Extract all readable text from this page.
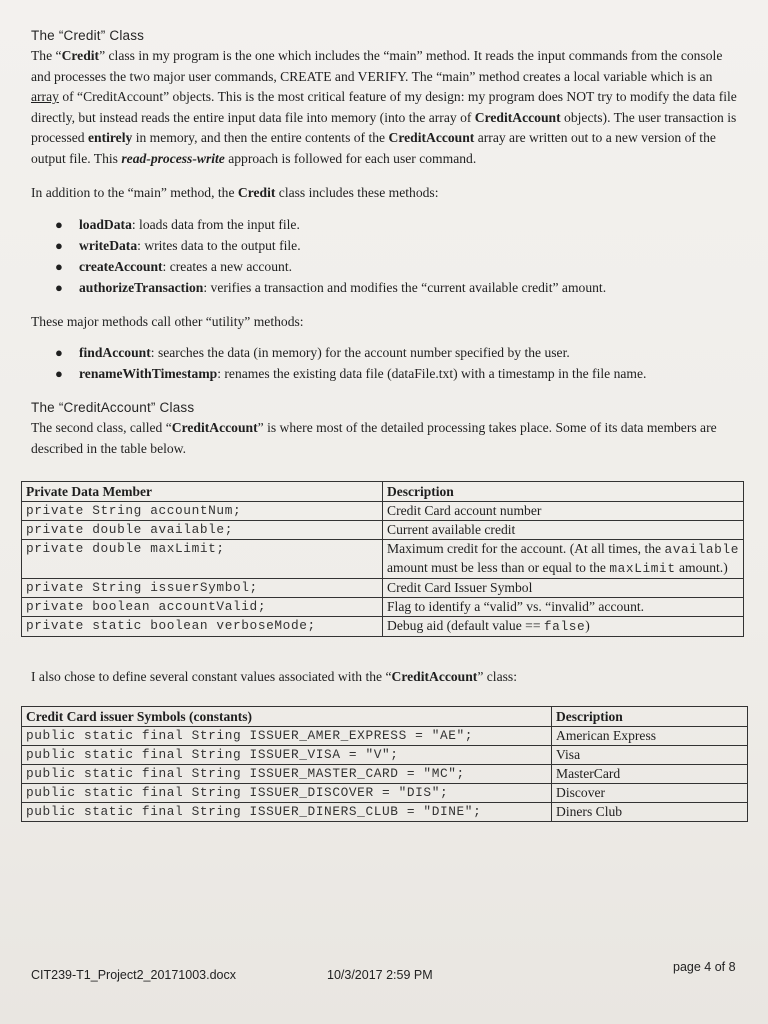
The “Credit” Class

The “Credit” class in my program is the one which includes the “main” method. It reads the input commands from the console and processes the two major user commands, CREATE and VERIFY. The “main” method creates a local variable which is an array of “CreditAccount” objects. This is the most critical feature of my design: my program does NOT try to modify the data file directly, but instead reads the entire input data file into memory (into the array of CreditAccount objects). The user transaction is processed entirely in memory, and then the entire contents of the CreditAccount array are written out to a new version of the output file. This read-process-write approach is followed for each user command.

In addition to the “main” method, the Credit class includes these methods:

● loadData: loads data from the input file.
● writeData: writes data to the output file.
● createAccount: creates a new account.
● authorizeTransaction: verifies a transaction and modifies the “current available credit” amount.

These major methods call other “utility” methods:

● findAccount: searches the data (in memory) for the account number specified by the user.
● renameWithTimestamp: renames the existing data file (dataFile.txt) with a timestamp in the file name.
The “CreditAccount” Class

The second class, called “CreditAccount” is where most of the detailed processing takes place. Some of its data members are described in the table below.

Private Data Member	Description
private String accountNum;	Credit Card account number
private double available;	Current available credit
private double maxLimit;	Maximum credit for the account. (At all times, the available amount must be less than or equal to the maxLimit amount.)
private String issuerSymbol;	Credit Card Issuer Symbol
private boolean accountValid;	Flag to identify a “valid” vs. “invalid” account.
private static boolean verboseMode;	Debug aid (default value == false)

I also chose to define several constant values associated with the “CreditAccount” class:

Credit Card issuer Symbols (constants)	Description
public static final String ISSUER_AMER_EXPRESS = "AE";	American Express
public static final String ISSUER_VISA = "V";	Visa
public static final String ISSUER_MASTER_CARD = "MC";	MasterCard
public static final String ISSUER_DISCOVER = "DIS";	Discover
public static final String ISSUER_DINERS_CLUB = "DINE";	Diners Club
CIT239-T1_Project2_20171003.docx	10/3/2017 2:59 PM
page 4 of 8
